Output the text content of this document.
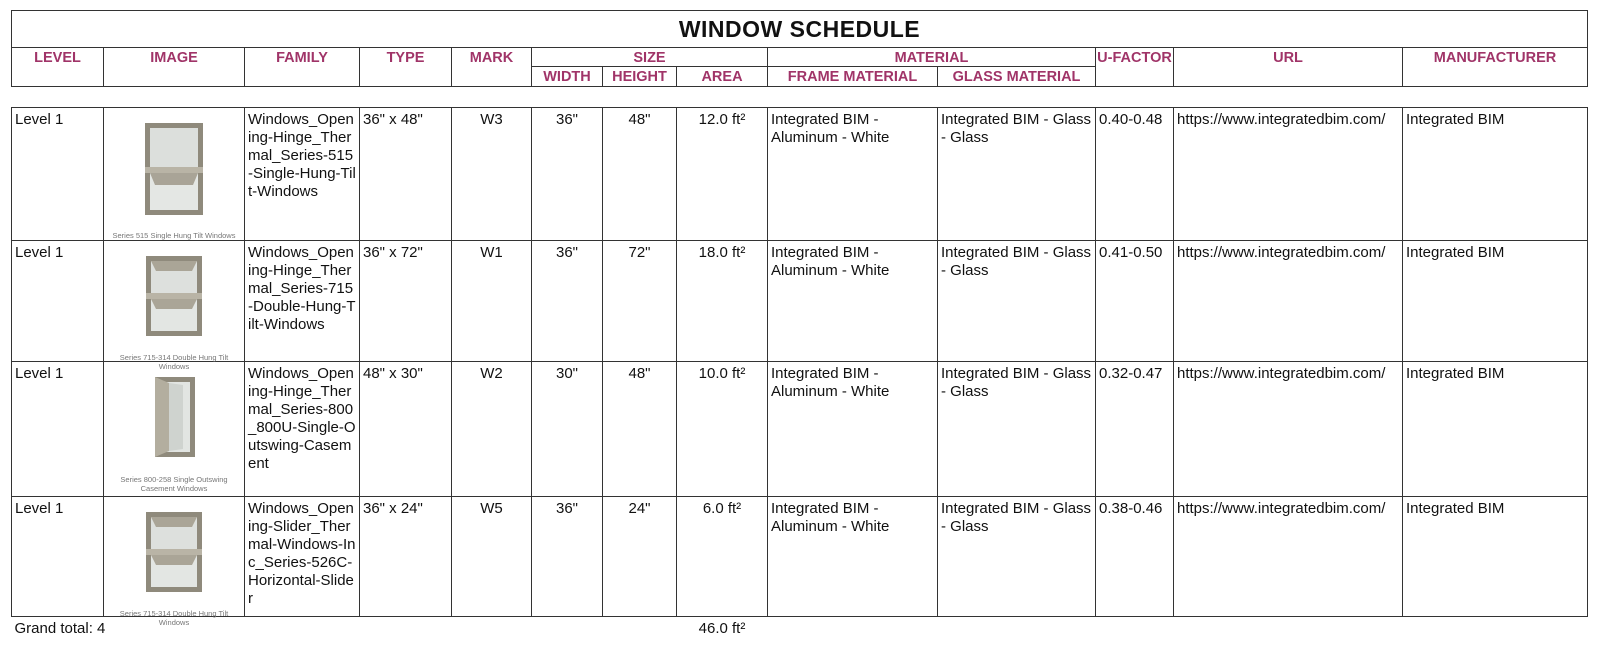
WINDOW SCHEDULE												
LEVEL	IMAGE	FAMILY	TYPE	MARK	SIZE			MATERIAL		U-FACTOR	URL	MANUFACTURER
					WIDTH	HEIGHT	AREA	FRAME MATERIAL	GLASS MATERIAL			

Level 1	Series 515 Single Hung Tilt Windows	Windows_Opening-Hinge_Thermal_Series-515-Single-Hung-Tilt-Windows	36" x 48"	W3	36"	48"	12.0 ft²	Integrated BIM - Aluminum - White	Integrated BIM - Glass - Glass	0.40-0.48	https://www.integratedbim.com/	Integrated BIM
Level 1	Series 715-314 Double Hung Tilt Windows	Windows_Opening-Hinge_Thermal_Series-715-Double-Hung-Tilt-Windows	36" x 72"	W1	36"	72"	18.0 ft²	Integrated BIM - Aluminum - White	Integrated BIM - Glass - Glass	0.41-0.50	https://www.integratedbim.com/	Integrated BIM
Level 1	Series 800-258 Single Outswing Casement Windows	Windows_Opening-Hinge_Thermal_Series-800_800U-Single-Outswing-Casement	48" x 30"	W2	30"	48"	10.0 ft²	Integrated BIM - Aluminum - White	Integrated BIM - Glass - Glass	0.32-0.47	https://www.integratedbim.com/	Integrated BIM
Level 1	Series 715-314 Double Hung Tilt Windows	Windows_Opening-Slider_Thermal-Windows-Inc_Series-526C-Horizontal-Slider	36" x 24"	W5	36"	24"	6.0 ft²	Integrated BIM - Aluminum - White	Integrated BIM - Glass - Glass	0.38-0.46	https://www.integratedbim.com/	Integrated BIM
Grand total: 4							46.0 ft²					
